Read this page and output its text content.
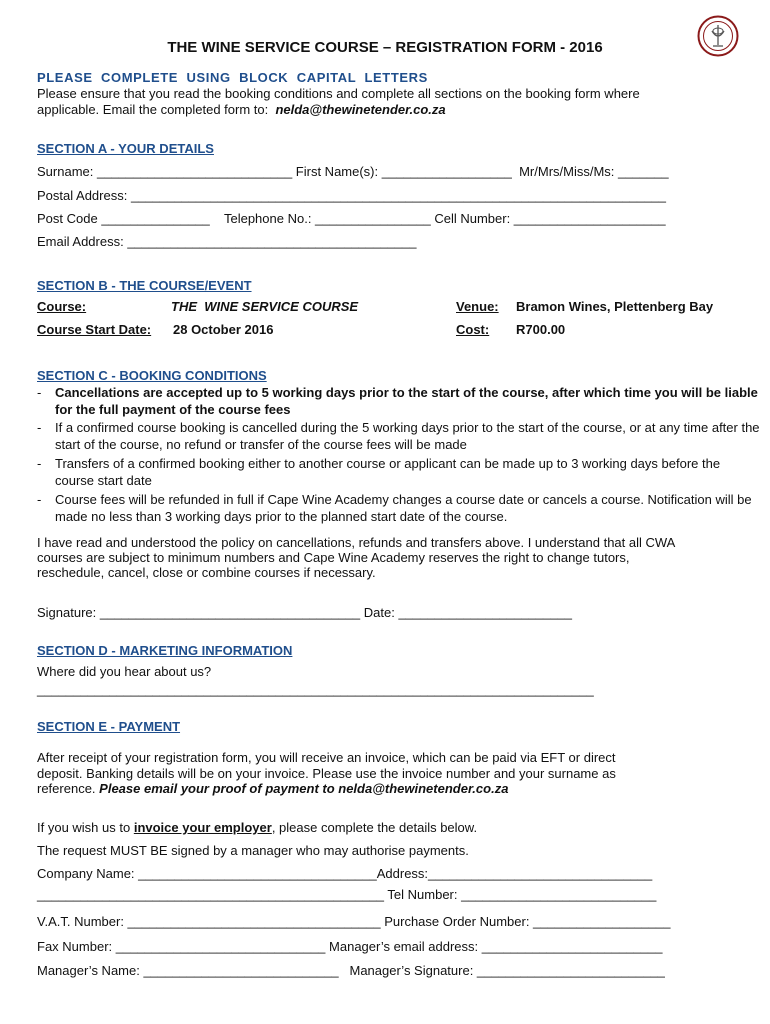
THE WINE SERVICE COURSE – REGISTRATION FORM - 2016
PLEASE  COMPLETE  USING  BLOCK  CAPITAL  LETTERS
Please ensure that you read the booking conditions and complete all sections on the booking form where
applicable. Email the completed form to:  nelda@thewinetender.co.za
SECTION A - YOUR DETAILS
Surname: ___________________________ First Name(s): __________________  Mr/Mrs/Miss/Ms: _______
Postal Address: __________________________________________________________________________
Post Code _______________    Telephone No.: ________________ Cell Number: _____________________
Email Address: ________________________________________
SECTION B - THE COURSE/EVENT
Course:	THE  WINE SERVICE COURSE	Venue: Bramon Wines, Plettenberg Bay
Course Start Date: 28 October 2016	Cost: R700.00
SECTION C - BOOKING CONDITIONS
- Cancellations are accepted up to 5 working days prior to the start of the course, after which time you will be liable for the full payment of the course fees
- If a confirmed course booking is cancelled during the 5 working days prior to the start of the course, or at any time after the start of the course, no refund or transfer of the course fees will be made
- Transfers of a confirmed booking either to another course or applicant can be made up to 3 working days before the course start date
- Course fees will be refunded in full if Cape Wine Academy changes a course date or cancels a course. Notification will be made no less than 3 working days prior to the planned start date of the course.
I have read and understood the policy on cancellations, refunds and transfers above. I understand that all CWA
courses are subject to minimum numbers and Cape Wine Academy reserves the right to change tutors,
reschedule, cancel, close or combine courses if necessary.
Signature: ____________________________________ Date: ________________________
SECTION D - MARKETING INFORMATION
Where did you hear about us?
_____________________________________________________________________________
SECTION E - PAYMENT
After receipt of your registration form, you will receive an invoice, which can be paid via EFT or direct
deposit. Banking details will be on your invoice. Please use the invoice number and your surname as
reference. Please email your proof of payment to nelda@thewinetender.co.za
If you wish us to invoice your employer, please complete the details below.
The request MUST BE signed by a manager who may authorise payments.
Company Name: _________________________________Address:_______________________________
________________________________________________ Tel Number: ___________________________
V.A.T. Number: ___________________________________ Purchase Order Number: ___________________
Fax Number: _____________________________ Manager’s email address: _________________________
Manager’s Name: ___________________________   Manager’s Signature: __________________________
